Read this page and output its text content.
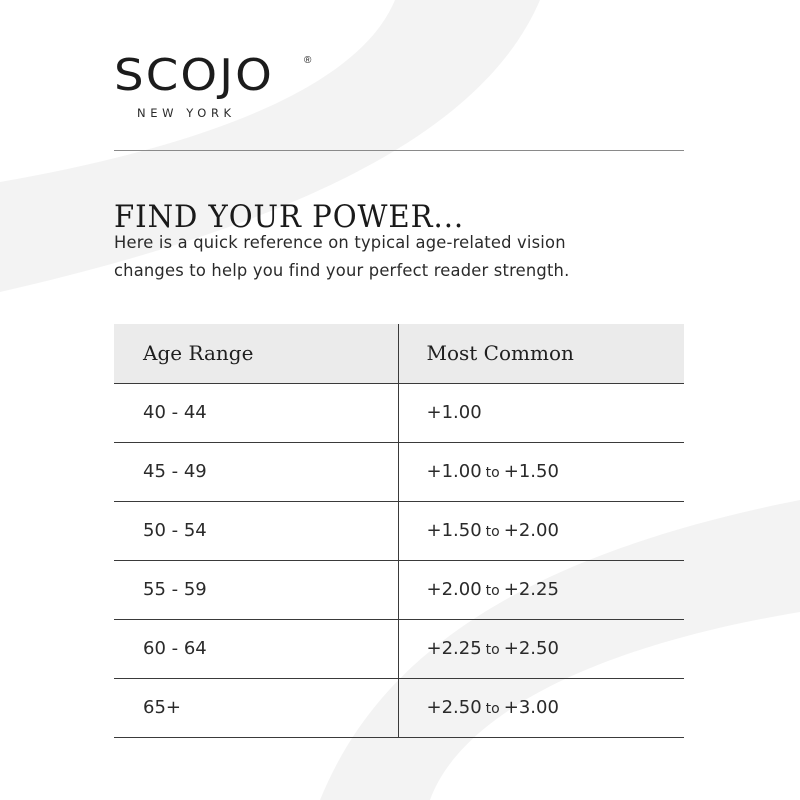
SCOJO	®
NEW YORK
FIND YOUR POWER...
Here is a quick reference on typical age-related vision
changes to help you find your perfect reader strength.
Age Range	Most Common
40 - 44	+1.00
45 - 49	+1.00 to +1.50
50 - 54	+1.50 to +2.00
55 - 59	+2.00 to +2.25
60 - 64	+2.25 to +2.50
65+	+2.50 to +3.00
